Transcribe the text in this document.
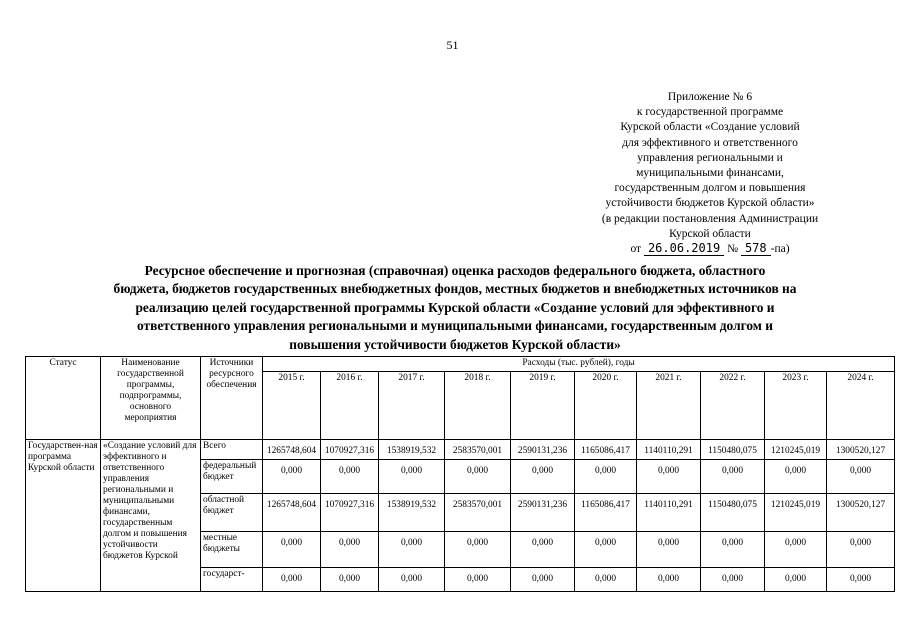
51
Приложение № 6
к государственной программе
Курской области «Создание условий
для эффективного и ответственного
управления региональными и
муниципальными финансами,
государственным долгом и повышения
устойчивости бюджетов Курской области»
(в редакции постановления Администрации
Курской области
от 26.06.2019 № 578 -па)
Ресурсное обеспечение и прогнозная (справочная) оценка расходов федерального бюджета, областного
бюджета, бюджетов государственных внебюджетных фондов, местных бюджетов и внебюджетных источников на
реализацию целей государственной программы Курской области «Создание условий для эффективного и
ответственного управления региональными и муниципальными финансами, государственным долгом и
повышения устойчивости бюджетов Курской области»
Статус	Наименование государственной программы, подпрограммы, основного мероприятия	Источники ресурсного обеспечения	Расходы (тыс. рублей), годы									
			2015 г.	2016 г.	2017 г.	2018 г.	2019 г.	2020 г.	2021 г.	2022 г.	2023 г.	2024 г.
Государствен-ная программа Курской области	«Создание условий для эффективного и ответственного управления региональными и муниципальными финансами, государственным долгом и повышения устойчивости бюджетов Курской	Всего	1265748,604	1070927,316	1538919,532	2583570,001	2590131,236	1165086,417	1140110,291	1150480,075	1210245,019	1300520,127
		федеральный бюджет	0,000	0,000	0,000	0,000	0,000	0,000	0,000	0,000	0,000	0,000
		областной бюджет	1265748,604	1070927,316	1538919,532	2583570,001	2590131,236	1165086,417	1140110,291	1150480,075	1210245,019	1300520,127
		местные бюджеты	0,000	0,000	0,000	0,000	0,000	0,000	0,000	0,000	0,000	0,000
		государст-	0,000	0,000	0,000	0,000	0,000	0,000	0,000	0,000	0,000	0,000
